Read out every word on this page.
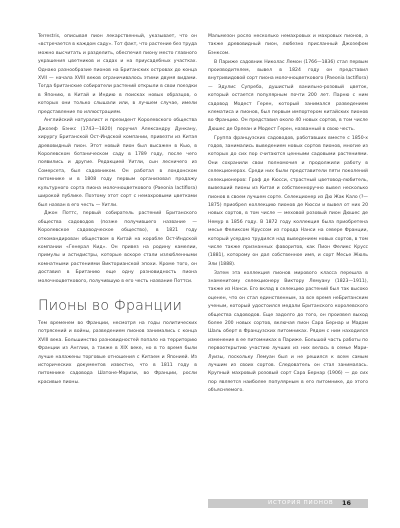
Terrestris, описывая пион лекарственный, указывает, что он «встречается в каждом саду». Тот факт, что растение без труда можно высчитать и разделить, обеспечил пиону место главного украшения цветников и садах и на приусадебных участках. Однако разнообразие пионов на Британских островах до конца XVII — начала XVIII веков ограничивалось этими двумя видами. Тогда британские собиратели растений открыли в свои поездки в Японию, в Китай и Индию в поисках новых образцов, о которых они только слышали или, в лучшем случае, имели представление по иллюстрациям.

Английский натуралист и президент Королевского общества Джозеф Бэнкс (1743—1820) поручил Александру Дункану, хирургу Британской Ост-Индской компании, привезти из Китая древовидный пион. Этот новый пион был высажен в Кью, в Королевском ботаническом саду в 1789 году, после чего появились и другие. Редакцией Уитли, сын лесничего из Сомерсета, был садовником. Он работал в лондонском питомнике и в 1808 году первым организовал продажу культурного сорта пиона молочноцветкового (Paeonia lactiflora) широкой публике. Поэтому этот сорт с немахровыми цветками был назван в его честь — Уитли.

Джон Поттс, первый собиратель растений Британского общества садоводов (позже получившего название — Королевское садоводческое общество), в 1821 году откомандирован обществом в Китай на корабле Ост-Индской компании «Генерал Кид». Он привез на родину камелии, примулы и астидистры, которые вскоре стали излюбленными комнатными растениями Викторианской эпохи. Кроме того, он доставил в Британию еще одну разновидность пиона молочноцветкового, получившую в его честь название Поттси.

Пионы во Франции

Тем временем во Франции, несмотря на годы политических потрясений и войны, разведением пионов занимались с конца XVIII века. Большинство разновидностей попало на территорию Франции из Англии, а также в XIX веке, но в то время были лучше налажены торговые отношения с Китаем и Японией. Из исторических документов известно, что в 1811 году в питомнике садовода Шатоне-Маризи, во Франции, росли красивые пионы.

Мальмезон росло несколько немахровых и махровых пионов, а также древовидный пион, любезно присланный Джозефом Бэнксом.

В Париже садовник Николас Лемон (1766—1836) стал первым производителем, вывел в 1824 году он представил внутривидовой сорт пиона молочноцветкового (Paeonia lactiflora) — Эдулис Супреба, душистый ванильно-розовый цветок, который остается популярным почти 200 лет. Парню с ним садовод Модест Герен, который занимался разведением клематиса и пионов, был первым импортером китайских пионов во Францию. Он представил около 40 новых сортов, в том числе Дюшес де Орлеан и Модест Герен, названный в свою честь.

Группа французских садоводов, работавших вместе с 1850-х годов, занимались выведением новых сортов пионов, многие из которых до сих пор считаются ценными садовыми растениями. Они сохранили свои полномочия и продолжили работу в селекционерах. Среди них были представители пяти поколений селекционеров: Граф де Кюсси, страстный цветовод-любитель, вывезший пионы из Китая и собственноручно вывел несколько пионов в своем лучшем сорте. Селекционер из Дю Жак Кало (?—1875) приобрел коллекцию пионов де Кюсси и вывел от них 20 новых сортов, в том числе — меховой розовый пион Дюшес де Немур в 1856 году. В 1872 году коллекция была приобретена месье Феликсом Круссом из города Нанси на севере Франции, который усердно трудился над выведением новых сортов, в том числе также признанных фаворитов, как Пион Феликс Крусс (1881), которому он дал собственное имя, и сорт Месье Жюль Эли (1888).

Затем эта коллекция пионов мирового класса перешла в знаменитому селекционеру Виктору Лемуану (1823—1911), также из Нанси. Его вклад в селекцию растений был так высоко оценен, что он стал единственным, за все время неБританским ученым, который удостоился медали Британского королевского общества садоводов. Еще задолго до того, он произвел выход более 200 новых сортов, включая пион Сара Бернар и Мадам Шаль оберт в Французских питомниках. Рядом с ним находился изменение в ее питомниках в Париже. Большой часть работы по первооткрытию участию лучших из них велась в семье Мари-Луизы, поскольку Лемуан был и не решился к всем самым лучшим из своих сортов. Следователь он стал занималась. Крупный махровый розовый сорт Сара Бернар (1906) — до сих пор является наиболее популярным в его питомнике, до этого объясняемого.

ИСТОРИЯ ПИОНОВ 16
